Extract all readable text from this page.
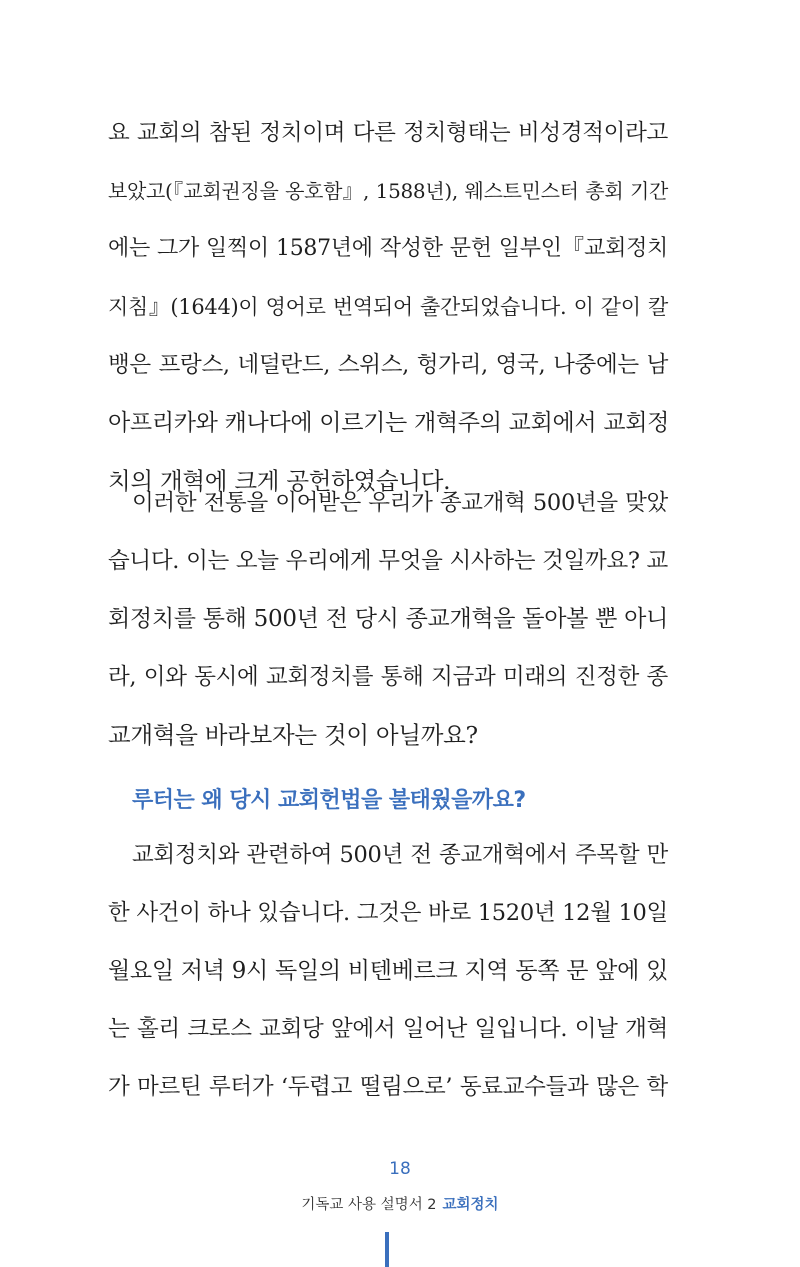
요 교회의 참된 정치이며 다른 정치형태는 비성경적이라고
보았고(『교회권징을 옹호함』, 1588년), 웨스트민스터 총회 기간
에는 그가 일찍이 1587년에 작성한 문헌 일부인『교회정치
지침』(1644)이 영어로 번역되어 출간되었습니다. 이 같이 칼
뱅은 프랑스, 네덜란드, 스위스, 헝가리, 영국, 나중에는 남
아프리카와 캐나다에 이르기는 개혁주의 교회에서 교회정
치의 개혁에 크게 공헌하였습니다.
이러한 전통을 이어받은 우리가 종교개혁 500년을 맞았
습니다. 이는 오늘 우리에게 무엇을 시사하는 것일까요? 교
회정치를 통해 500년 전 당시 종교개혁을 돌아볼 뿐 아니
라, 이와 동시에 교회정치를 통해 지금과 미래의 진정한 종
교개혁을 바라보자는 것이 아닐까요?
루터는 왜 당시 교회헌법을 불태웠을까요?
교회정치와 관련하여 500년 전 종교개혁에서 주목할 만
한 사건이 하나 있습니다. 그것은 바로 1520년 12월 10일
월요일 저녁 9시 독일의 비텐베르크 지역 동쪽 문 앞에 있
는 홀리 크로스 교회당 앞에서 일어난 일입니다. 이날 개혁
가 마르틴 루터가 ‘두렵고 떨림으로’ 동료교수들과 많은 학
18
기독교 사용 설명서 2 교회정치
